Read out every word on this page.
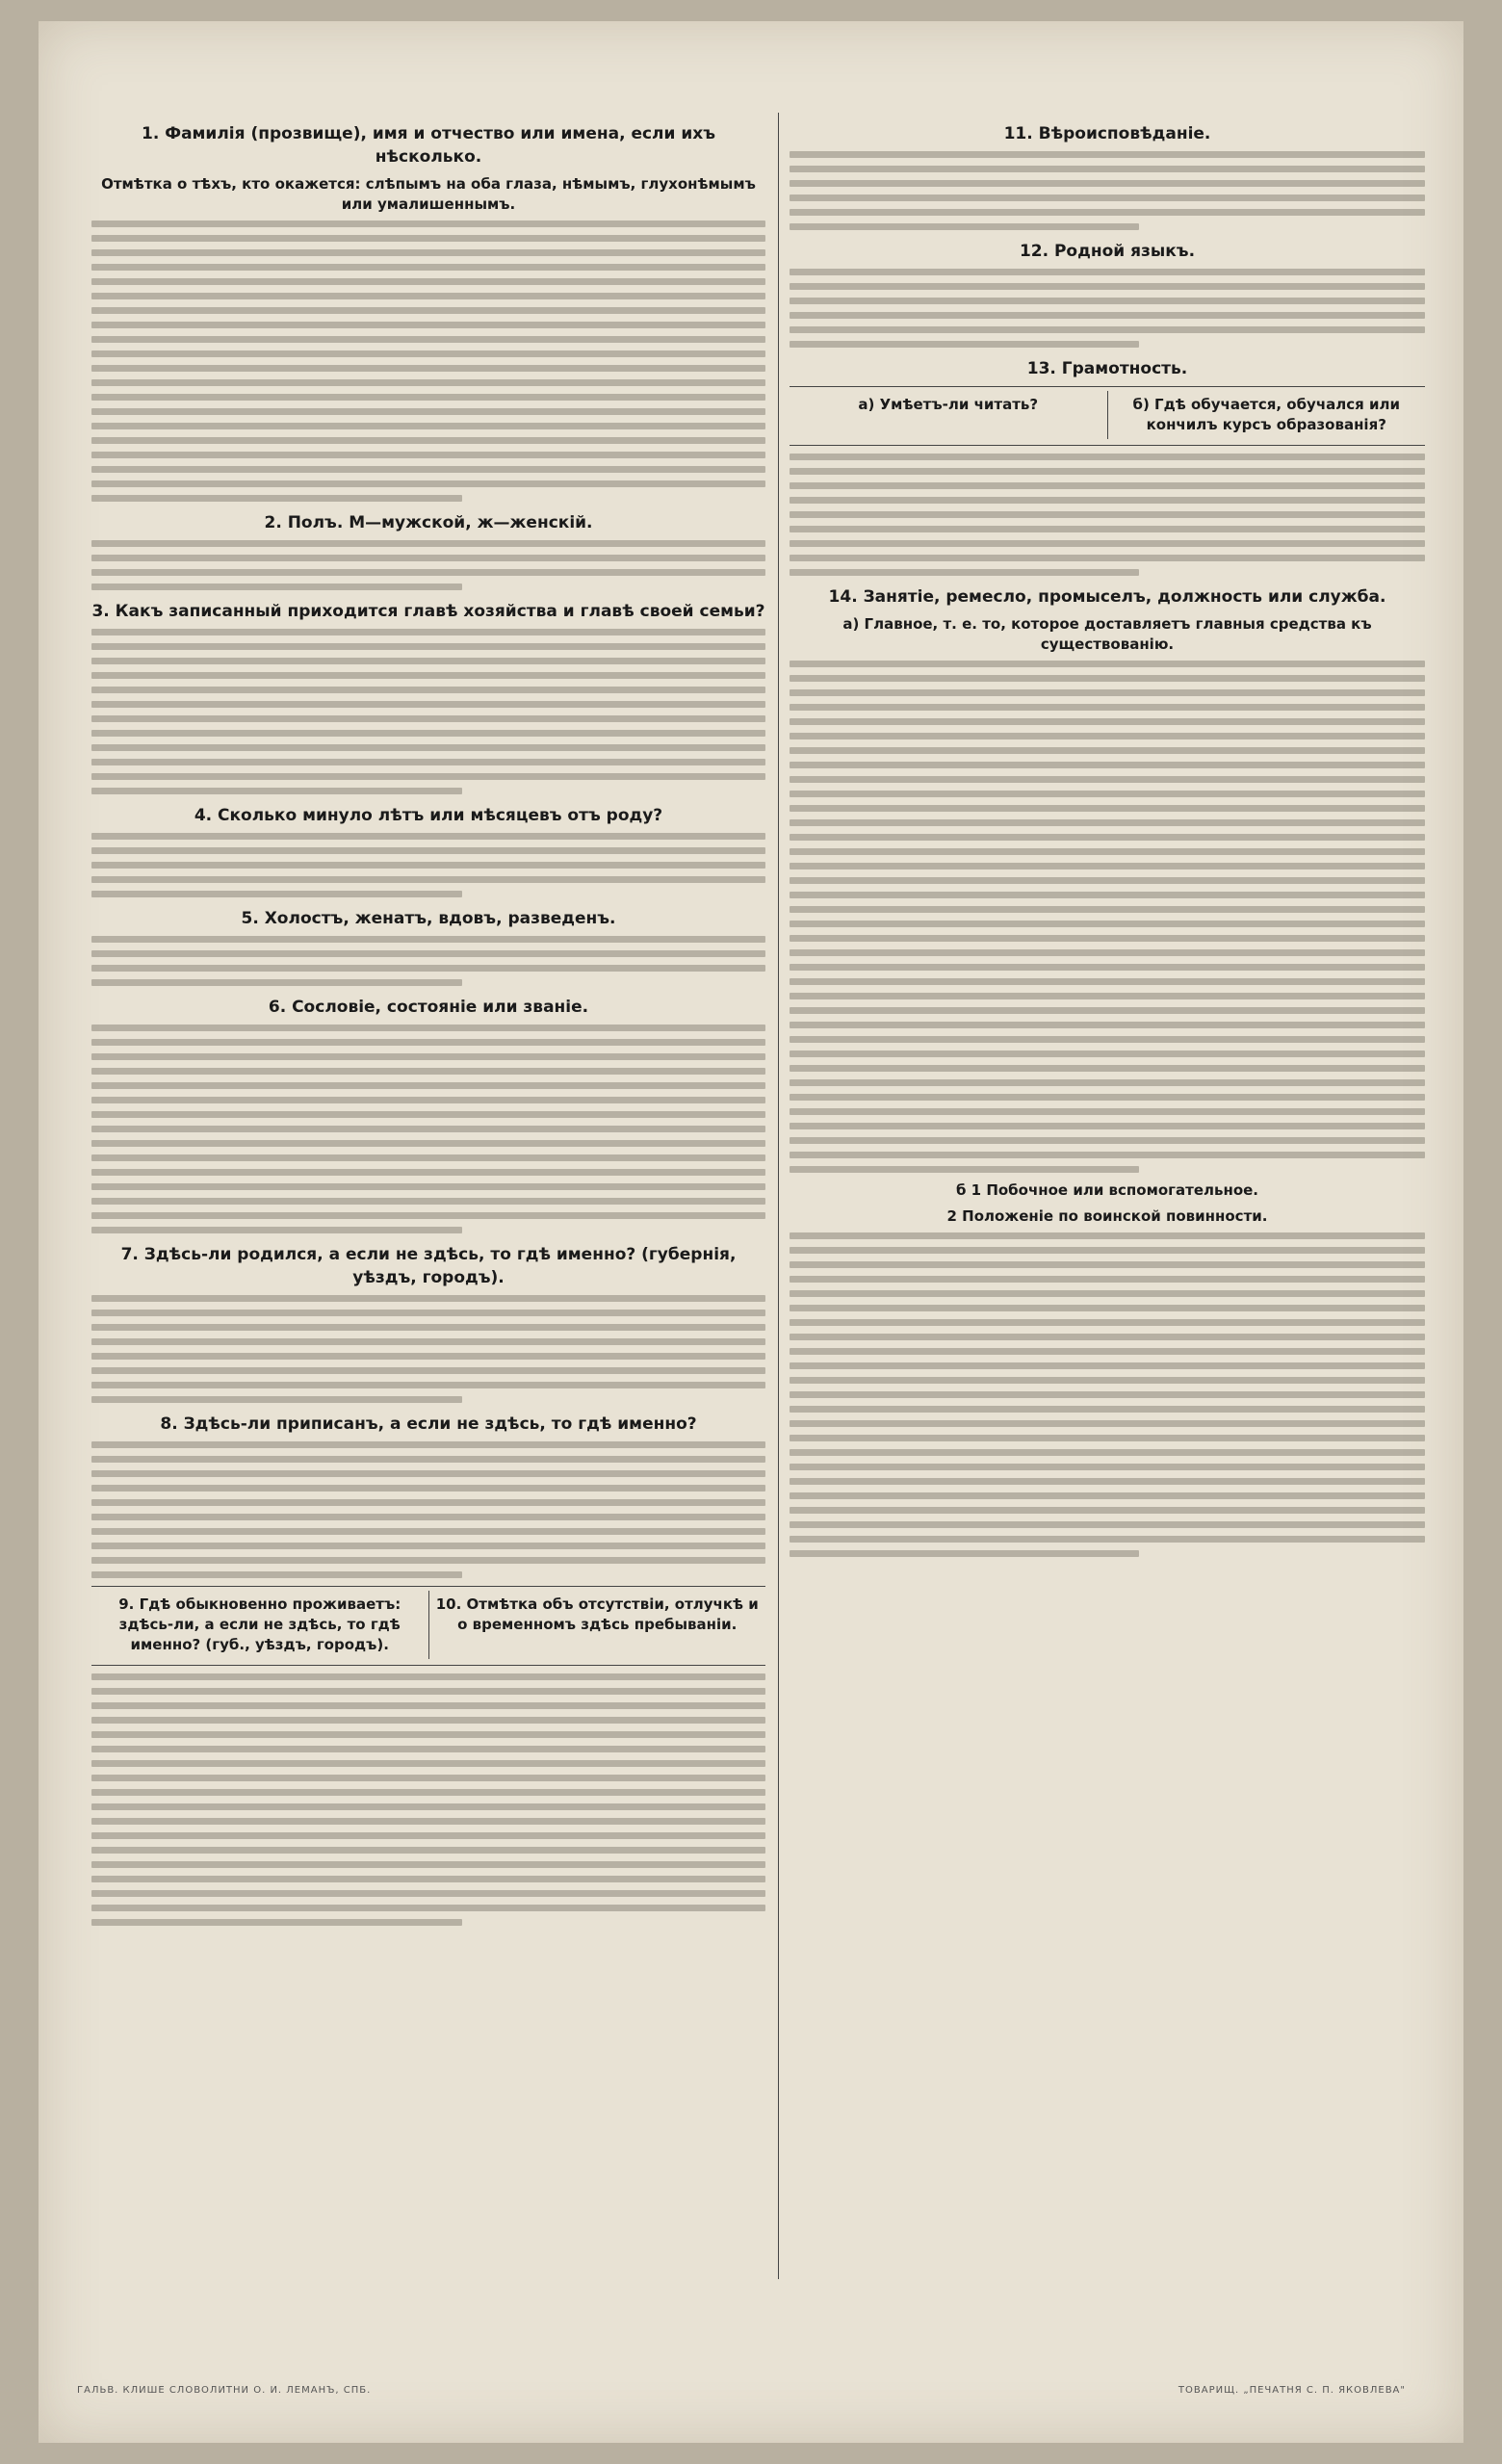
1. Фамилія (прозвище), имя и отчество или имена, если ихъ нѣсколько.
Отмѣтка о тѣхъ, кто окажется: слѣпымъ на оба глаза, нѣмымъ, глухонѣмымъ или умалишеннымъ.
2. Полъ. М—мужской, ж—женскій.
3. Какъ записанный приходится главѣ хозяйства и главѣ своей семьи?
4. Сколько минуло лѣтъ или мѣсяцевъ отъ роду?
5. Холостъ, женатъ, вдовъ, разведенъ.
6. Сословіе, состояніе или званіе.
7. Здѣсь-ли родился, а если не здѣсь, то гдѣ именно? (губернія, уѣздъ, городъ).
8. Здѣсь-ли приписанъ, а если не здѣсь, то гдѣ именно?
9. Гдѣ обыкновенно проживаетъ: здѣсь-ли, а если не здѣсь, то гдѣ именно? (губ., уѣздъ, городъ).
10. Отмѣтка объ отсутствіи, отлучкѣ и о временномъ здѣсь пребываніи.
11. Вѣроисповѣданіе.
12. Родной языкъ.
13. Грамотность.
а) Умѣетъ-ли читать?	б) Гдѣ обучается, обучался или кончилъ курсъ образованія?
14. Занятіе, ремесло, промыселъ, должность или служба.
а) Главное, т. е. то, которое доставляетъ главныя средства къ существованію.
б 1 Побочное или вспомогательное.
2 Положеніе по воинской повинности.
ГАЛЬВ. КЛИШЕ СЛОВОЛИТНИ О. И. ЛЕМАНЪ, СПБ.	ТОВАРИЩ. „ПЕЧАТНЯ С. П. ЯКОВЛЕВА"
